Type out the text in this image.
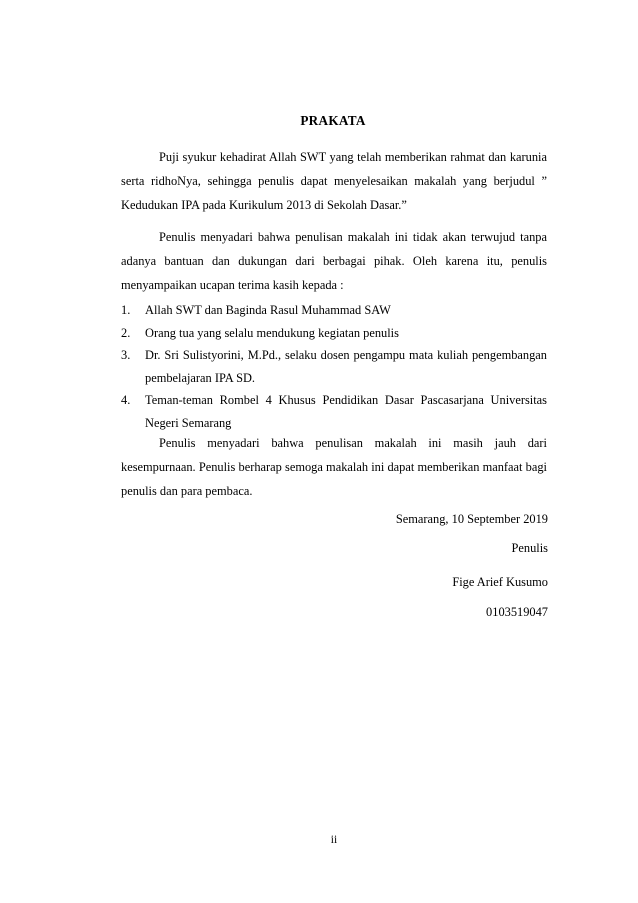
PRAKATA

Puji syukur kehadirat Allah SWT yang telah memberikan rahmat dan karunia serta ridhoNya, sehingga penulis dapat menyelesaikan makalah yang berjudul ” Kedudukan IPA pada Kurikulum 2013 di Sekolah Dasar.”

Penulis menyadari bahwa penulisan makalah ini tidak akan terwujud tanpa adanya bantuan dan dukungan dari berbagai pihak. Oleh karena itu, penulis menyampaikan ucapan terima kasih kepada :

1. Allah SWT dan Baginda Rasul Muhammad SAW
2. Orang tua yang selalu mendukung kegiatan penulis
3. Dr. Sri Sulistyorini, M.Pd., selaku dosen pengampu mata kuliah pengembangan pembelajaran IPA SD.
4. Teman-teman Rombel 4 Khusus Pendidikan Dasar Pascasarjana Universitas Negeri Semarang

Penulis menyadari bahwa penulisan makalah ini masih jauh dari kesempurnaan. Penulis berharap semoga makalah ini dapat memberikan manfaat bagi penulis dan para pembaca.

Semarang, 10 September 2019
Penulis
Fige Arief Kusumo
0103519047
ii
